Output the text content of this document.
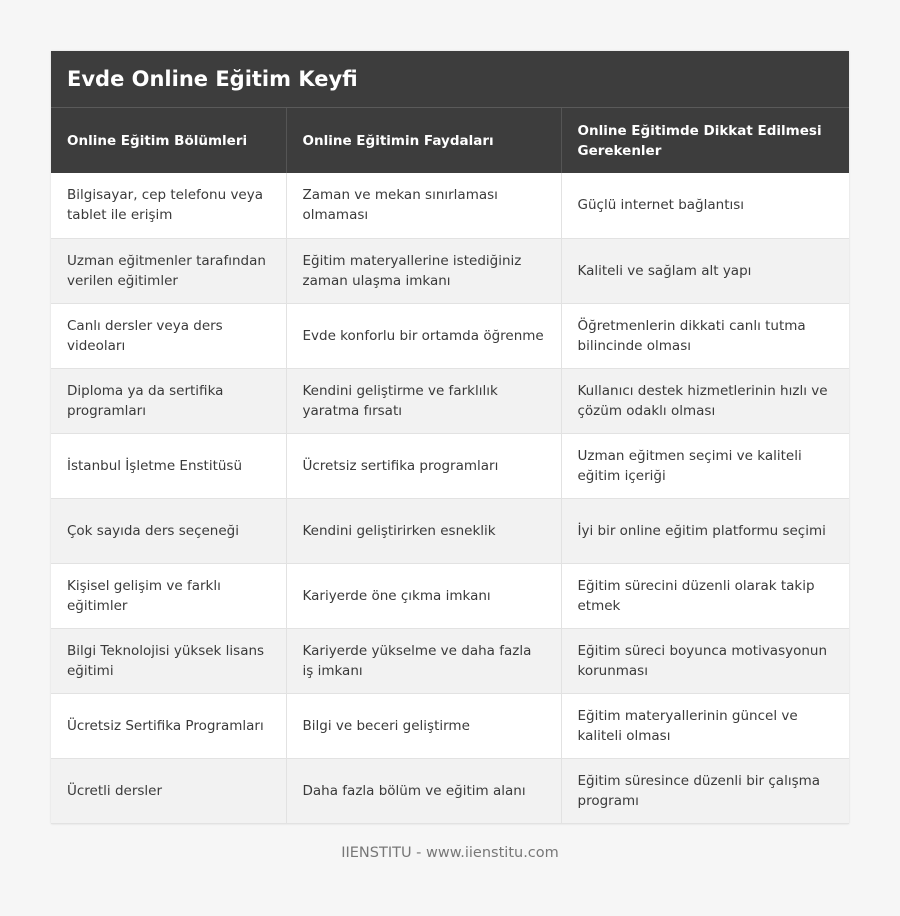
Evde Online Eğitim Keyfi
Online Eğitim Bölümleri	Online Eğitimin Faydaları	Online Eğitimde Dikkat Edilmesi Gerekenler
Bilgisayar, cep telefonu veya tablet ile erişim	Zaman ve mekan sınırlaması olmaması	Güçlü internet bağlantısı
Uzman eğitmenler tarafından verilen eğitimler	Eğitim materyallerine istediğiniz zaman ulaşma imkanı	Kaliteli ve sağlam alt yapı
Canlı dersler veya ders videoları	Evde konforlu bir ortamda öğrenme	Öğretmenlerin dikkati canlı tutma bilincinde olması
Diploma ya da sertifika programları	Kendini geliştirme ve farklılık yaratma fırsatı	Kullanıcı destek hizmetlerinin hızlı ve çözüm odaklı olması
İstanbul İşletme Enstitüsü	Ücretsiz sertifika programları	Uzman eğitmen seçimi ve kaliteli eğitim içeriği
Çok sayıda ders seçeneği	Kendini geliştirirken esneklik	İyi bir online eğitim platformu seçimi
Kişisel gelişim ve farklı eğitimler	Kariyerde öne çıkma imkanı	Eğitim sürecini düzenli olarak takip etmek
Bilgi Teknolojisi yüksek lisans eğitimi	Kariyerde yükselme ve daha fazla iş imkanı	Eğitim süreci boyunca motivasyonun korunması
Ücretsiz Sertifika Programları	Bilgi ve beceri geliştirme	Eğitim materyallerinin güncel ve kaliteli olması
Ücretli dersler	Daha fazla bölüm ve eğitim alanı	Eğitim süresince düzenli bir çalışma programı
IIENSTITU - www.iienstitu.com
